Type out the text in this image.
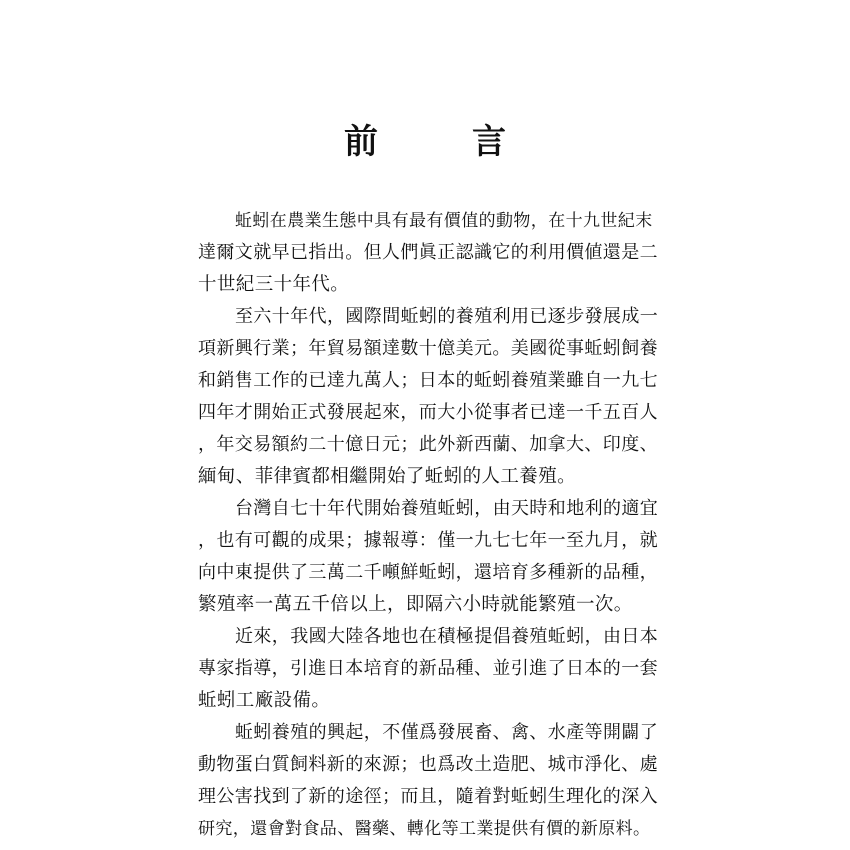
前　言
蚯蚓在農業生態中具有最有價值的動物，在十九世紀末
達爾文就早已指出。但人們眞正認識它的利用價値還是二
十世紀三十年代。
至六十年代，國際間蚯蚓的養殖利用已逐步發展成一
項新興行業；年貿易額達數十億美元。美國從事蚯蚓飼養
和銷售工作的已達九萬人；日本的蚯蚓養殖業雖自一九七
四年才開始正式發展起來，而大小從事者已達一千五百人
，年交易額約二十億日元；此外新西蘭、加拿大、印度、
緬甸、菲律賓都相繼開始了蚯蚓的人工養殖。
台灣自七十年代開始養殖蚯蚓，由天時和地利的適宜
，也有可觀的成果；據報導：僅一九七七年一至九月，就
向中東提供了三萬二千噸鮮蚯蚓，還培育多種新的品種，
繁殖率一萬五千倍以上，即隔六小時就能繁殖一次。
近來，我國大陸各地也在積極提倡養殖蚯蚓，由日本
專家指導，引進日本培育的新品種、並引進了日本的一套
蚯蚓工廠設備。
蚯蚓養殖的興起，不僅爲發展畜、禽、水產等開闢了
動物蛋白質飼料新的來源；也爲改土造肥、城市淨化、處
理公害找到了新的途徑；而且，隨着對蚯蚓生理化的深入
研究，還會對食品、醫藥、轉化等工業提供有價的新原料。
